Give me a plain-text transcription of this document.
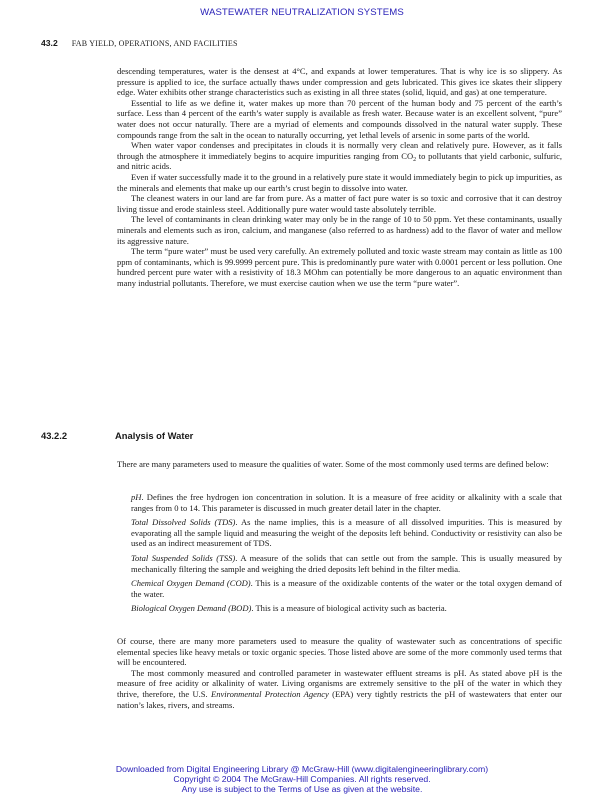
WASTEWATER NEUTRALIZATION SYSTEMS
43.2 FAB YIELD, OPERATIONS, AND FACILITIES

descending temperatures, water is the densest at 4°C, and expands at lower temperatures. That is why ice is so slippery. As pressure is applied to ice, the surface actually thaws under compression and gets lubricated. This gives ice skates their slippery edge. Water exhibits other strange characteristics such as existing in all three states (solid, liquid, and gas) at one temperature.

Essential to life as we define it, water makes up more than 70 percent of the human body and 75 percent of the earth’s surface. Less than 4 percent of the earth’s water supply is available as fresh water. Because water is an excellent solvent, “pure” water does not occur naturally. There are a myriad of elements and compounds dissolved in the natural water supply. These compounds range from the salt in the ocean to naturally occurring, yet lethal levels of arsenic in some parts of the world.

When water vapor condenses and precipitates in clouds it is normally very clean and relatively pure. However, as it falls through the atmosphere it immediately begins to acquire impurities ranging from $CO_2$ to pollutants that yield carbonic, sulfuric, and nitric acids.

Even if water successfully made it to the ground in a relatively pure state it would immediately begin to pick up impurities, as the minerals and elements that make up our earth’s crust begin to dissolve into water.

The cleanest waters in our land are far from pure. As a matter of fact pure water is so toxic and corrosive that it can destroy living tissue and erode stainless steel. Additionally pure water would taste absolutely terrible.

The level of contaminants in clean drinking water may only be in the range of 10 to 50 ppm. Yet these contaminants, usually minerals and elements such as iron, calcium, and manganese (also referred to as hardness) add to the flavor of water and mellow its aggressive nature.

The term “pure water” must be used very carefully. An extremely polluted and toxic waste stream may contain as little as 100 ppm of contaminants, which is 99.9999 percent pure. This is predominantly pure water with 0.0001 percent or less pollution. One hundred percent pure water with a resistivity of 18.3 MOhm can potentially be more dangerous to an aquatic environment than many industrial pollutants. Therefore, we must exercise caution when we use the term “pure water”.

43.2.2	Analysis of Water

There are many parameters used to measure the qualities of water. Some of the most commonly used terms are defined below:

pH. Defines the free hydrogen ion concentration in solution. It is a measure of free acidity or alkalinity with a scale that ranges from 0 to 14. This parameter is discussed in much greater detail later in the chapter.

Total Dissolved Solids (TDS). As the name implies, this is a measure of all dissolved impurities. This is measured by evaporating all the sample liquid and measuring the weight of the deposits left behind. Conductivity or resistivity can also be used as an indirect measurement of TDS.

Total Suspended Solids (TSS). A measure of the solids that can settle out from the sample. This is usually measured by mechanically filtering the sample and weighing the dried deposits left behind in the filter media.

Chemical Oxygen Demand (COD). This is a measure of the oxidizable contents of the water or the total oxygen demand of the water.

Biological Oxygen Demand (BOD). This is a measure of biological activity such as bacteria.

Of course, there are many more parameters used to measure the quality of wastewater such as concentrations of specific elemental species like heavy metals or toxic organic species. Those listed above are some of the more commonly used terms that will be encountered.

The most commonly measured and controlled parameter in wastewater effluent streams is pH. As stated above pH is the measure of free acidity or alkalinity of water. Living organisms are extremely sensitive to the pH of the water in which they thrive, therefore, the U.S. Environmental Protection Agency (EPA) very tightly restricts the pH of wastewaters that enter our nation’s lakes, rivers, and streams.

Downloaded from Digital Engineering Library @ McGraw-Hill (www.digitalengineeringlibrary.com)
Copyright © 2004 The McGraw-Hill Companies. All rights reserved.
Any use is subject to the Terms of Use as given at the website.
